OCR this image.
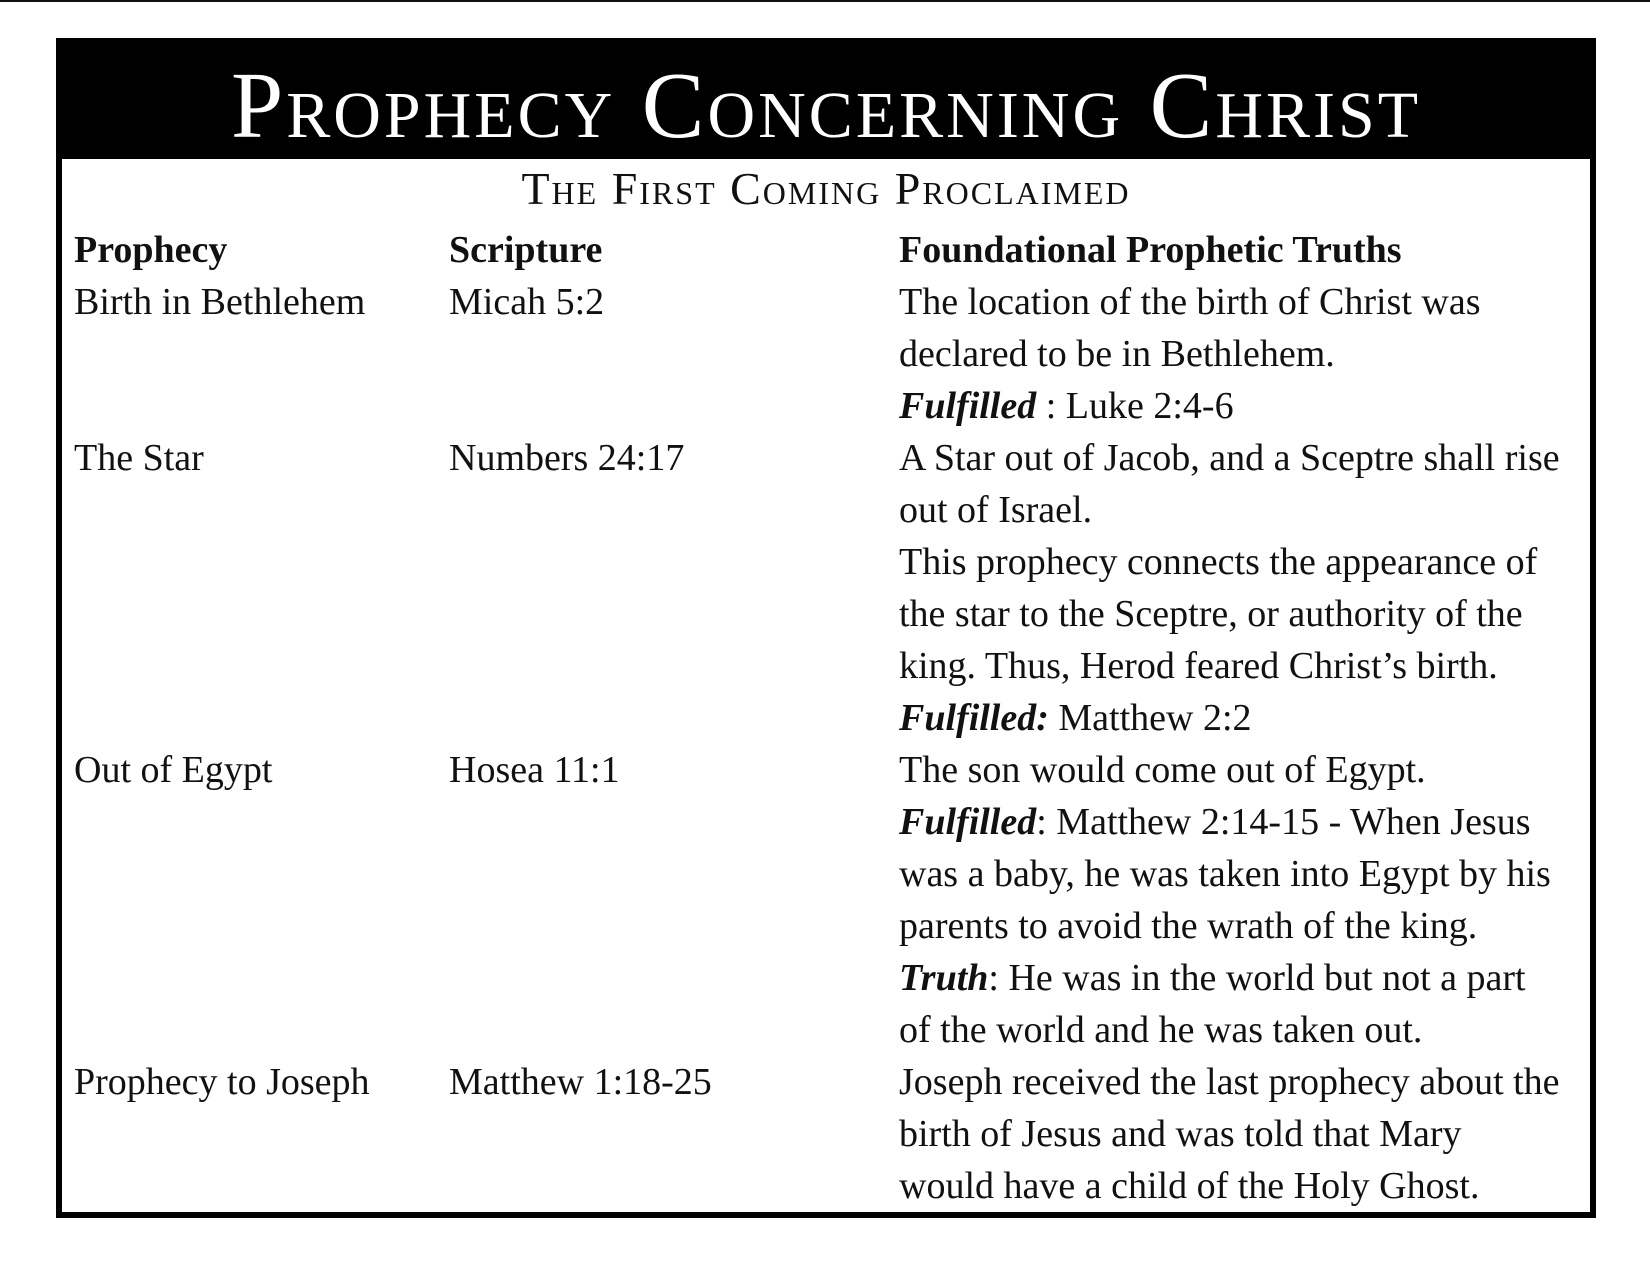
Prophecy Concerning Christ
The First Coming Proclaimed
Prophecy	Scripture	Foundational Prophetic Truths
Birth in Bethlehem	Micah 5:2	The location of the birth of Christ was
declared to be in Bethlehem.
Fulfilled : Luke 2:4-6
The Star	Numbers 24:17	A Star out of Jacob, and a Sceptre shall rise
out of Israel.
This prophecy connects the appearance of
the star to the Sceptre, or authority of the
king. Thus, Herod feared Christ’s birth.
Fulfilled: Matthew 2:2
Out of Egypt	Hosea 11:1	The son would come out of Egypt.
Fulfilled: Matthew 2:14-15 - When Jesus
was a baby, he was taken into Egypt by his
parents to avoid the wrath of the king.
Truth: He was in the world but not a part
of the world and he was taken out.
Prophecy to Joseph	Matthew 1:18-25	Joseph received the last prophecy about the
birth of Jesus and was told that Mary
would have a child of the Holy Ghost.
